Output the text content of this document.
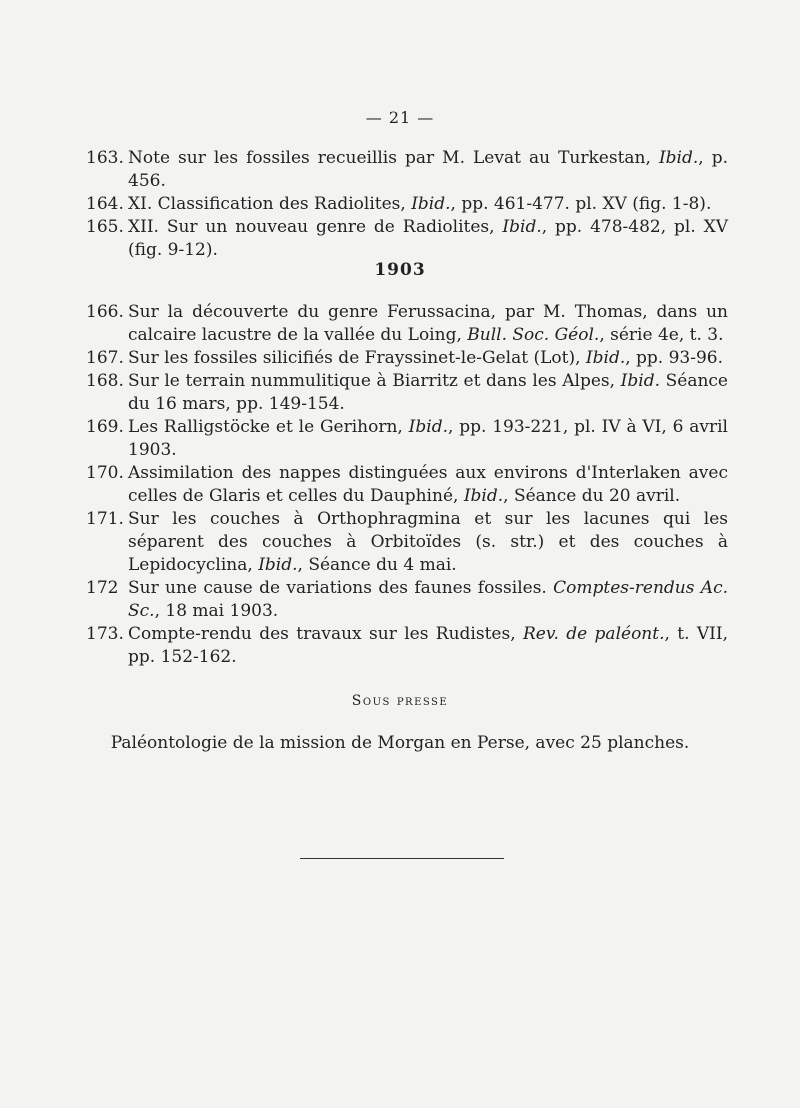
— 21 —
163. Note sur les fossiles recueillis par M. Levat au Turkestan, Ibid., p. 456.
164. XI. Classification des Radiolites, Ibid., pp. 461-477. pl. XV (fig. 1-8).
165. XII. Sur un nouveau genre de Radiolites, Ibid., pp. 478-482, pl. XV (fig. 9-12).
1903
166. Sur la découverte du genre Ferussacina, par M. Thomas, dans un calcaire lacustre de la vallée du Loing, Bull. Soc. Géol., série 4e, t. 3.
167. Sur les fossiles silicifiés de Frayssinet-le-Gelat (Lot), Ibid., pp. 93-96.
168. Sur le terrain nummulitique à Biarritz et dans les Alpes, Ibid. Séance du 16 mars, pp. 149-154.
169. Les Ralligstöcke et le Gerihorn, Ibid., pp. 193-221, pl. IV à VI, 6 avril 1903.
170. Assimilation des nappes distinguées aux environs d'Interlaken avec celles de Glaris et celles du Dauphiné, Ibid., Séance du 20 avril.
171. Sur les couches à Orthophragmina et sur les lacunes qui les séparent des couches à Orbitoïdes (s. str.) et des couches à Lepidocyclina, Ibid., Séance du 4 mai.
172 Sur une cause de variations des faunes fossiles. Comptes-rendus Ac. Sc., 18 mai 1903.
173. Compte-rendu des travaux sur les Rudistes, Rev. de paléont., t. VII, pp. 152-162.
Sous presse
Paléontologie de la mission de Morgan en Perse, avec 25 planches.
